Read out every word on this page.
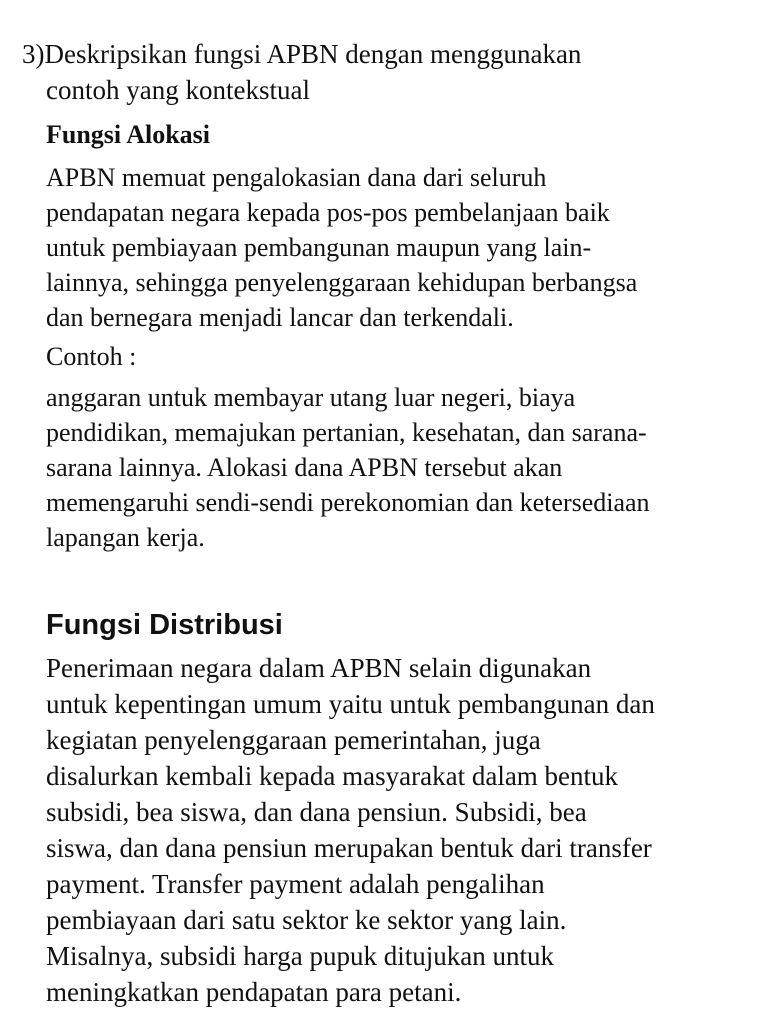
3)Deskripsikan fungsi APBN dengan menggunakan
contoh yang kontekstual
Fungsi Alokasi
APBN memuat pengalokasian dana dari seluruh
pendapatan negara kepada pos-pos pembelanjaan baik
untuk pembiayaan pembangunan maupun yang lain-
lainnya, sehingga penyelenggaraan kehidupan berbangsa
dan bernegara menjadi lancar dan terkendali.
Contoh :
anggaran untuk membayar utang luar negeri, biaya
pendidikan, memajukan pertanian, kesehatan, dan sarana-
sarana lainnya. Alokasi dana APBN tersebut akan
memengaruhi sendi-sendi perekonomian dan ketersediaan
lapangan kerja.
Fungsi Distribusi
Penerimaan negara dalam APBN selain digunakan
untuk kepentingan umum yaitu untuk pembangunan dan
kegiatan penyelenggaraan pemerintahan, juga
disalurkan kembali kepada masyarakat dalam bentuk
subsidi, bea siswa, dan dana pensiun. Subsidi, bea
siswa, dan dana pensiun merupakan bentuk dari transfer
payment. Transfer payment adalah pengalihan
pembiayaan dari satu sektor ke sektor yang lain.
Misalnya, subsidi harga pupuk ditujukan untuk
meningkatkan pendapatan para petani.
